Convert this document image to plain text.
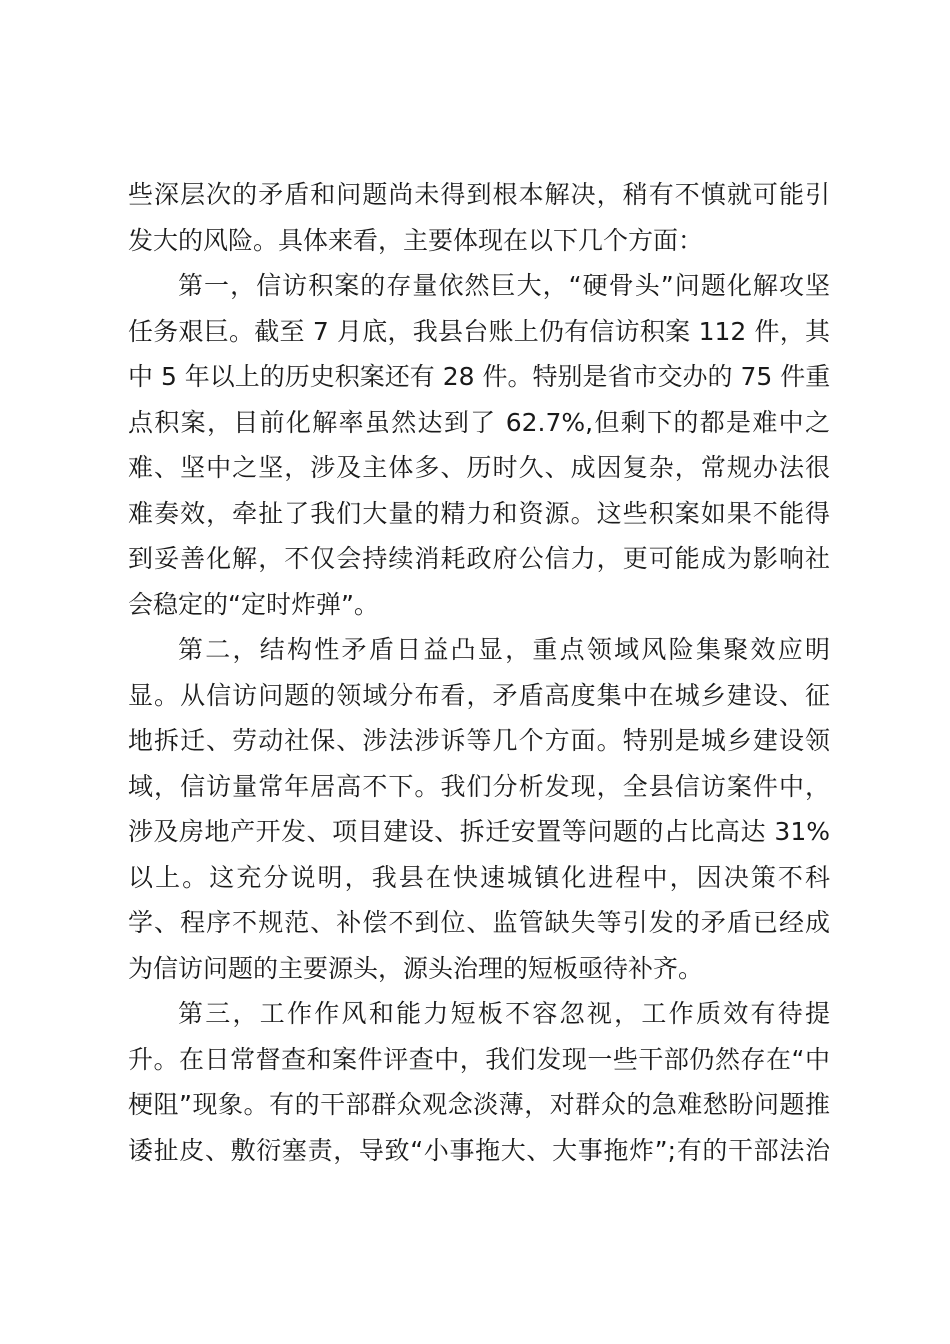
些深层次的矛盾和问题尚未得到根本解决，稍有不慎就可能引
发大的风险。具体来看，主要体现在以下几个方面：
第一，信访积案的存量依然巨大，“硬骨头”问题化解攻坚
任务艰巨。截至 7 月底，我县台账上仍有信访积案 112 件，其
中 5 年以上的历史积案还有 28 件。特别是省市交办的 75 件重
点积案，目前化解率虽然达到了 62.7%,但剩下的都是难中之
难、坚中之坚，涉及主体多、历时久、成因复杂，常规办法很
难奏效，牵扯了我们大量的精力和资源。这些积案如果不能得
到妥善化解，不仅会持续消耗政府公信力，更可能成为影响社
会稳定的“定时炸弹”。
第二，结构性矛盾日益凸显，重点领域风险集聚效应明
显。从信访问题的领域分布看，矛盾高度集中在城乡建设、征
地拆迁、劳动社保、涉法涉诉等几个方面。特别是城乡建设领
域，信访量常年居高不下。我们分析发现，全县信访案件中，
涉及房地产开发、项目建设、拆迁安置等问题的占比高达 31%
以上。这充分说明，我县在快速城镇化进程中，因决策不科
学、程序不规范、补偿不到位、监管缺失等引发的矛盾已经成
为信访问题的主要源头，源头治理的短板亟待补齐。
第三，工作作风和能力短板不容忽视，工作质效有待提
升。在日常督查和案件评查中，我们发现一些干部仍然存在“中
梗阻”现象。有的干部群众观念淡薄，对群众的急难愁盼问题推
诿扯皮、敷衍塞责，导致“小事拖大、大事拖炸”;有的干部法治
